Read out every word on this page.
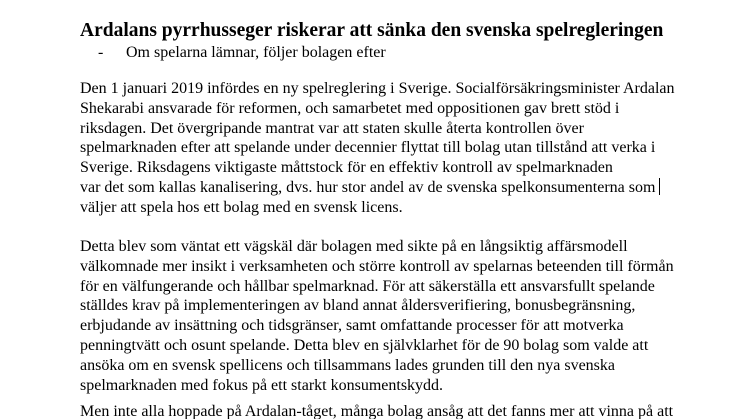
Ardalans pyrrhusseger riskerar att sänka den svenska spelregleringen
- Om spelarna lämnar, följer bolagen efter

Den 1 januari 2019 infördes en ny spelreglering i Sverige. Socialförsäkringsminister Ardalan
Shekarabi ansvarade för reformen, och samarbetet med oppositionen gav brett stöd i
riksdagen. Det övergripande mantrat var att staten skulle återta kontrollen över
spelmarknaden efter att spelande under decennier flyttat till bolag utan tillstånd att verka i
Sverige. Riksdagens viktigaste måttstock för en effektiv kontroll av spelmarknaden
var det som kallas kanalisering, dvs. hur stor andel av de svenska spelkonsumenterna som
väljer att spela hos ett bolag med en svensk licens.

Detta blev som väntat ett vägskäl där bolagen med sikte på en långsiktig affärsmodell
välkomnade mer insikt i verksamheten och större kontroll av spelarnas beteenden till förmån
för en välfungerande och hållbar spelmarknad. För att säkerställa ett ansvarsfullt spelande
ställdes krav på implementeringen av bland annat åldersverifiering, bonusbegränsning,
erbjudande av insättning och tidsgränser, samt omfattande processer för att motverka
penningtvätt och osunt spelande. Detta blev en självklarhet för de 90 bolag som valde att
ansöka om en svensk spellicens och tillsammans lades grunden till den nya svenska
spelmarknaden med fokus på ett starkt konsumentskydd.

Men inte alla hoppade på Ardalan-tåget, många bolag ansåg att det fanns mer att vinna på att
